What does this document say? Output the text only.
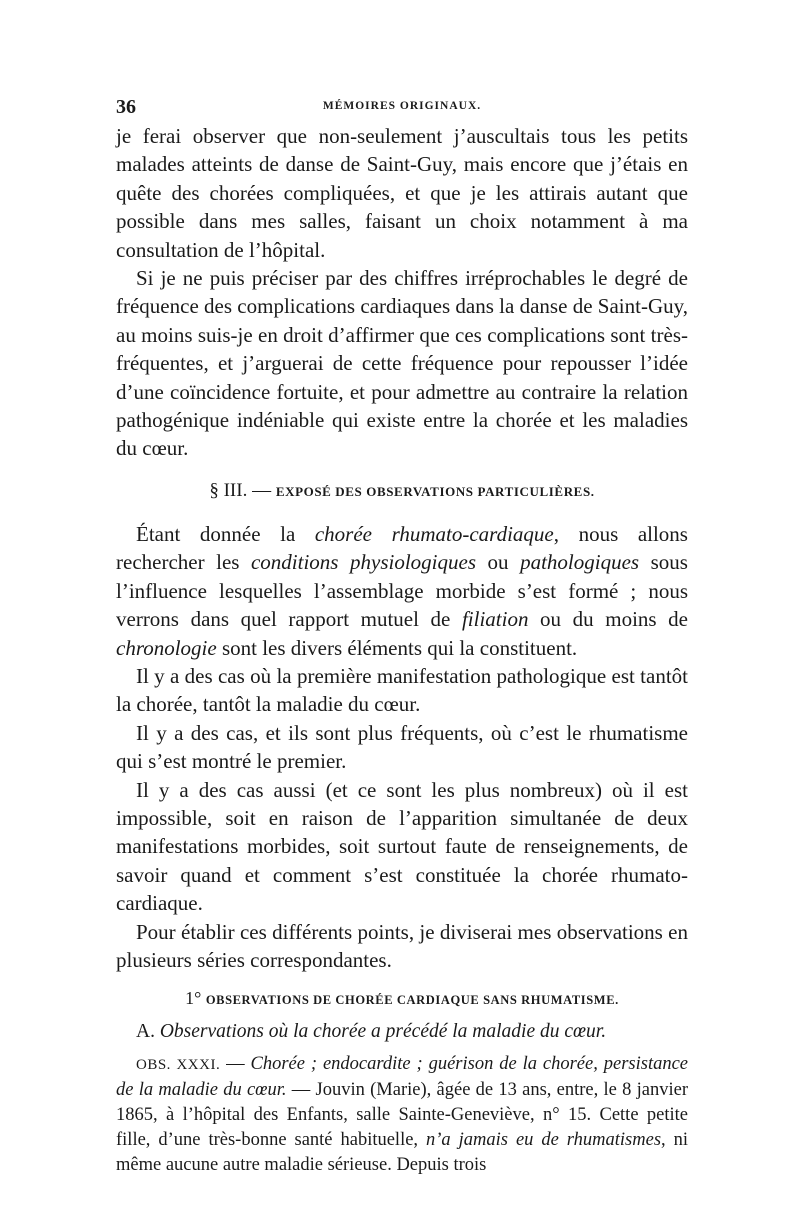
36	MÉMOIRES ORIGINAUX.

je ferai observer que non-seulement j’auscultais tous les petits malades atteints de danse de Saint-Guy, mais encore que j’étais en quête des chorées compliquées, et que je les attirais autant que possible dans mes salles, faisant un choix notamment à ma consultation de l’hôpital.

Si je ne puis préciser par des chiffres irréprochables le degré de fréquence des complications cardiaques dans la danse de Saint-Guy, au moins suis-je en droit d’affirmer que ces complications sont très-fréquentes, et j’arguerai de cette fréquence pour repousser l’idée d’une coïncidence fortuite, et pour admettre au contraire la relation pathogénique indéniable qui existe entre la chorée et les maladies du cœur.

§ III. — EXPOSÉ DES OBSERVATIONS PARTICULIÈRES.

Étant donnée la chorée rhumato-cardiaque, nous allons rechercher les conditions physiologiques ou pathologiques sous l’influence lesquelles l’assemblage morbide s’est formé ; nous verrons dans quel rapport mutuel de filiation ou du moins de chronologie sont les divers éléments qui la constituent.

Il y a des cas où la première manifestation pathologique est tantôt la chorée, tantôt la maladie du cœur.

Il y a des cas, et ils sont plus fréquents, où c’est le rhumatisme qui s’est montré le premier.

Il y a des cas aussi (et ce sont les plus nombreux) où il est impossible, soit en raison de l’apparition simultanée de deux manifestations morbides, soit surtout faute de renseignements, de savoir quand et comment s’est constituée la chorée rhumato-cardiaque.

Pour établir ces différents points, je diviserai mes observations en plusieurs séries correspondantes.

1° OBSERVATIONS DE CHORÉE CARDIAQUE SANS RHUMATISME.
A. Observations où la chorée a précédé la maladie du cœur.

OBS. XXXI. — Chorée ; endocardite ; guérison de la chorée, persistance de la maladie du cœur. — Jouvin (Marie), âgée de 13 ans, entre, le 8 janvier 1865, à l’hôpital des Enfants, salle Sainte-Geneviève, n° 15. Cette petite fille, d’une très-bonne santé habituelle, n’a jamais eu de rhumatismes, ni même aucune autre maladie sérieuse. Depuis trois
